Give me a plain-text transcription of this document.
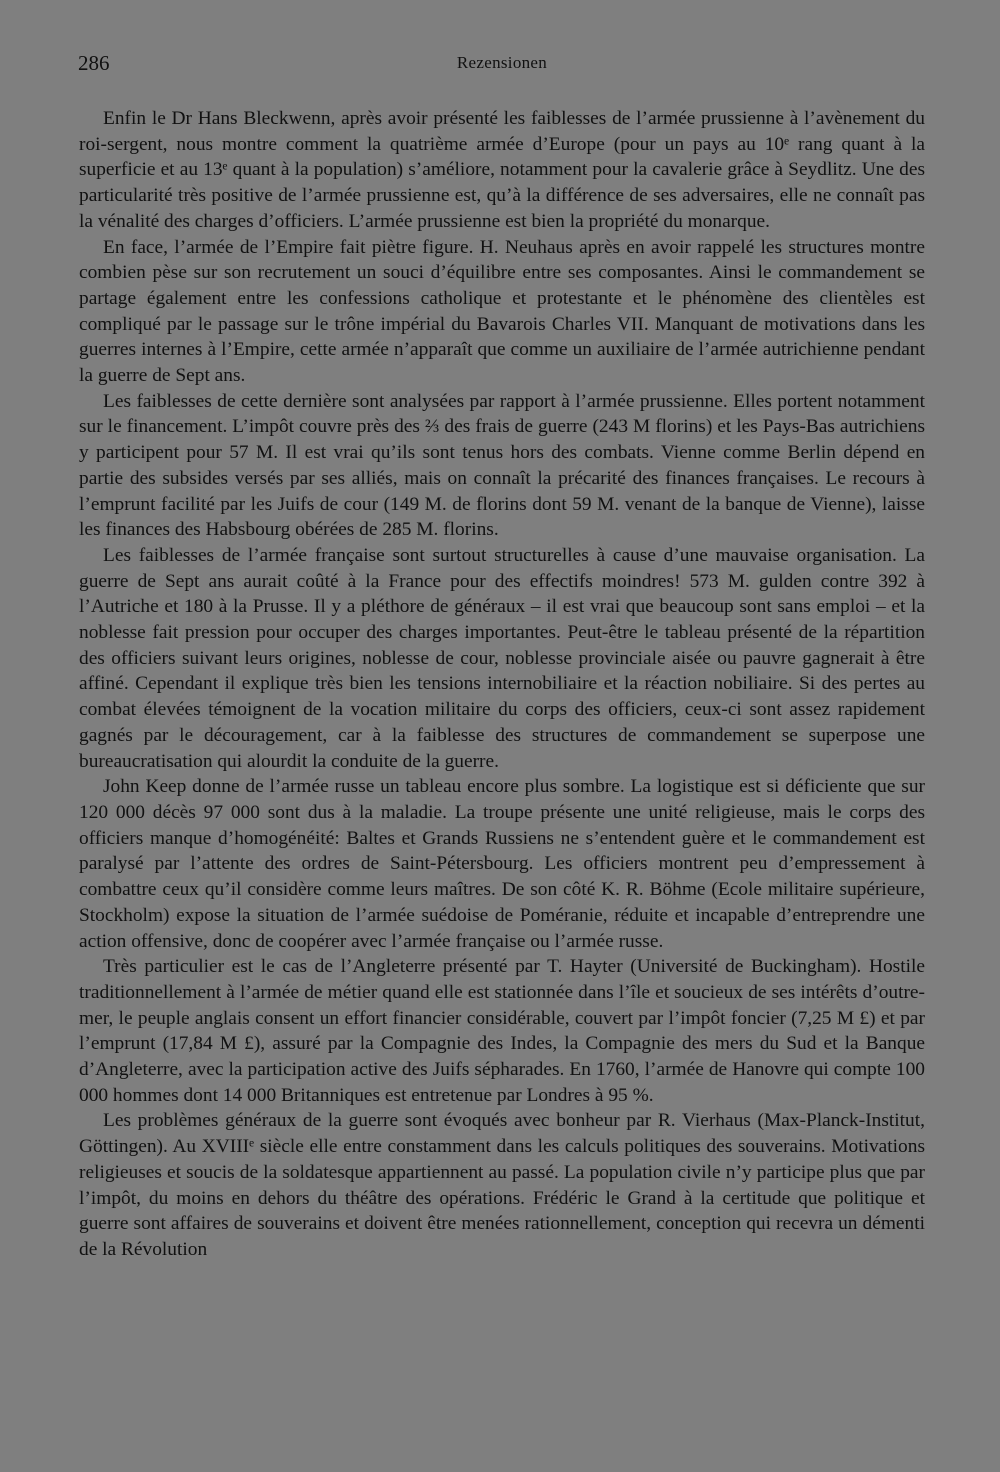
286	Rezensionen

Enfin le Dr Hans Bleckwenn, après avoir présenté les faiblesses de l’armée prussienne à l’avènement du roi-sergent, nous montre comment la quatrième armée d’Europe (pour un pays au 10ᵉ rang quant à la superficie et au 13ᵉ quant à la population) s’améliore, notamment pour la cavalerie grâce à Seydlitz. Une des particularité très positive de l’armée prussienne est, qu’à la différence de ses adversaires, elle ne connaît pas la vénalité des charges d’officiers. L’armée prussienne est bien la propriété du monarque.

En face, l’armée de l’Empire fait piètre figure. H. Neuhaus après en avoir rappelé les structures montre combien pèse sur son recrutement un souci d’équilibre entre ses composantes. Ainsi le commandement se partage également entre les confessions catholique et protestante et le phénomène des clientèles est compliqué par le passage sur le trône impérial du Bavarois Charles VII. Manquant de motivations dans les guerres internes à l’Empire, cette armée n’apparaît que comme un auxiliaire de l’armée autrichienne pendant la guerre de Sept ans.

Les faiblesses de cette dernière sont analysées par rapport à l’armée prussienne. Elles portent notamment sur le financement. L’impôt couvre près des ⅔ des frais de guerre (243 M florins) et les Pays-Bas autrichiens y participent pour 57 M. Il est vrai qu’ils sont tenus hors des combats. Vienne comme Berlin dépend en partie des subsides versés par ses alliés, mais on connaît la précarité des finances françaises. Le recours à l’emprunt facilité par les Juifs de cour (149 M. de florins dont 59 M. venant de la banque de Vienne), laisse les finances des Habsbourg obérées de 285 M. florins.

Les faiblesses de l’armée française sont surtout structurelles à cause d’une mauvaise organisation. La guerre de Sept ans aurait coûté à la France pour des effectifs moindres! 573 M. gulden contre 392 à l’Autriche et 180 à la Prusse. Il y a pléthore de généraux – il est vrai que beaucoup sont sans emploi – et la noblesse fait pression pour occuper des charges importantes. Peut-être le tableau présenté de la répartition des officiers suivant leurs origines, noblesse de cour, noblesse provinciale aisée ou pauvre gagnerait à être affiné. Cependant il explique très bien les tensions internobiliaire et la réaction nobiliaire. Si des pertes au combat élevées témoignent de la vocation militaire du corps des officiers, ceux-ci sont assez rapidement gagnés par le découragement, car à la faiblesse des structures de commandement se superpose une bureaucratisation qui alourdit la conduite de la guerre.

John Keep donne de l’armée russe un tableau encore plus sombre. La logistique est si déficiente que sur 120 000 décès 97 000 sont dus à la maladie. La troupe présente une unité religieuse, mais le corps des officiers manque d’homogénéité: Baltes et Grands Russiens ne s’entendent guère et le commandement est paralysé par l’attente des ordres de Saint-Pétersbourg. Les officiers montrent peu d’empressement à combattre ceux qu’il considère comme leurs maîtres. De son côté K. R. Böhme (Ecole militaire supérieure, Stockholm) expose la situation de l’armée suédoise de Poméranie, réduite et incapable d’entreprendre une action offensive, donc de coopérer avec l’armée française ou l’armée russe.

Très particulier est le cas de l’Angleterre présenté par T. Hayter (Université de Buckingham). Hostile traditionnellement à l’armée de métier quand elle est stationnée dans l’île et soucieux de ses intérêts d’outre-mer, le peuple anglais consent un effort financier considérable, couvert par l’impôt foncier (7,25 M £) et par l’emprunt (17,84 M £), assuré par la Compagnie des Indes, la Compagnie des mers du Sud et la Banque d’Angleterre, avec la participation active des Juifs sépharades. En 1760, l’armée de Hanovre qui compte 100 000 hommes dont 14 000 Britanniques est entretenue par Londres à 95 %.

Les problèmes généraux de la guerre sont évoqués avec bonheur par R. Vierhaus (Max-Planck-Institut, Göttingen). Au XVIIIᵉ siècle elle entre constamment dans les calculs politiques des souverains. Motivations religieuses et soucis de la soldatesque appartiennent au passé. La population civile n’y participe plus que par l’impôt, du moins en dehors du théâtre des opérations. Frédéric le Grand à la certitude que politique et guerre sont affaires de souverains et doivent être menées rationnellement, conception qui recevra un démenti de la Révolution
